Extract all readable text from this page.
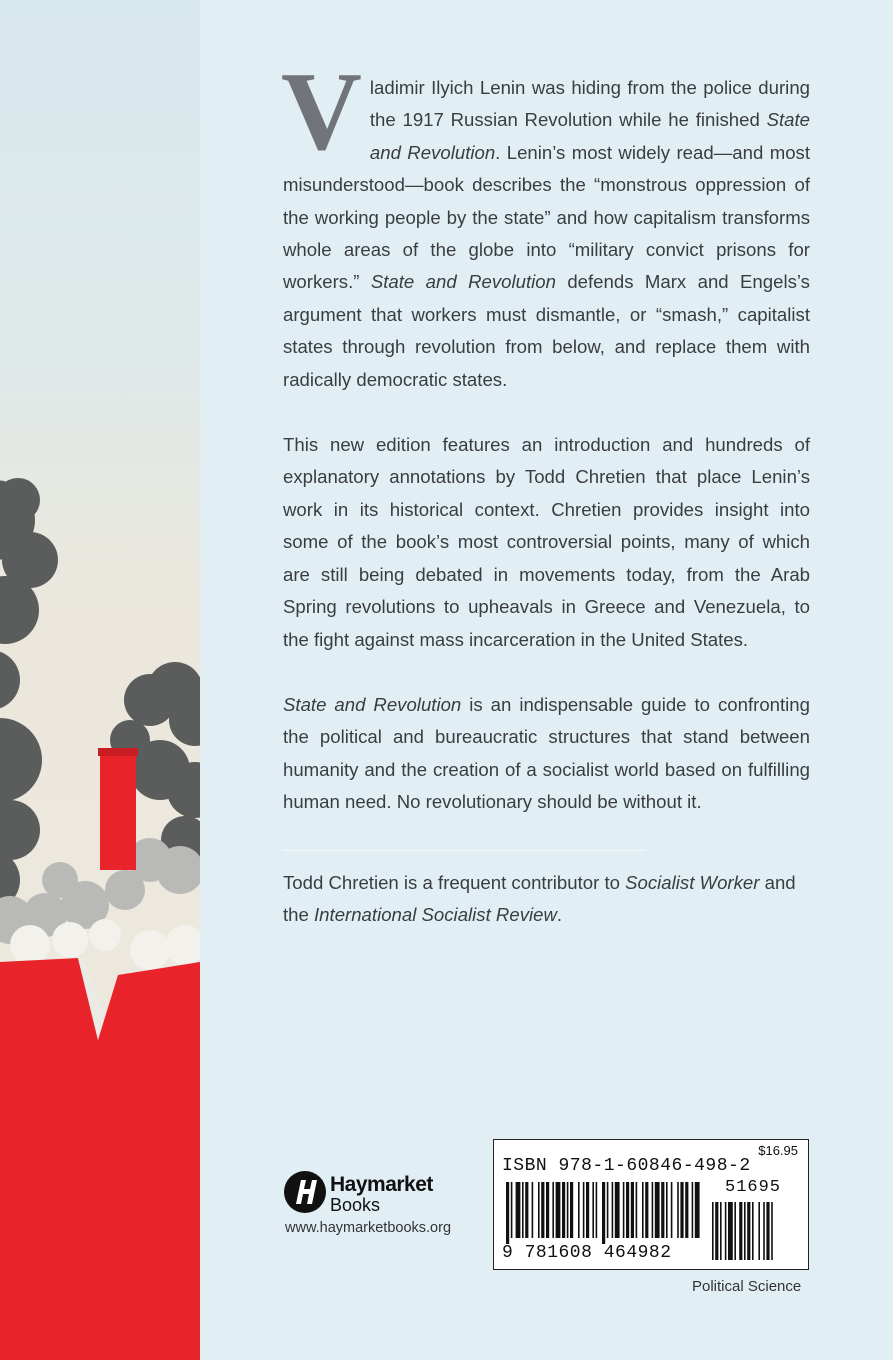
Vladimir Ilyich Lenin was hiding from the police during the 1917 Russian Revolution while he finished State and Revolution. Lenin’s most widely read—and most misunderstood—book describes the “monstrous oppression of the working people by the state” and how capitalism transforms whole areas of the globe into “military convict prisons for workers.” State and Revolution defends Marx and Engels’s argument that workers must dismantle, or “smash,” capitalist states through revolution from below, and replace them with radically democratic states.

This new edition features an introduction and hundreds of explanatory annotations by Todd Chretien that place Lenin’s work in its historical context. Chretien provides insight into some of the book’s most controversial points, many of which are still being debated in movements today, from the Arab Spring revolutions to upheavals in Greece and Venezuela, to the fight against mass incarceration in the United States.

State and Revolution is an indispensable guide to confronting the political and bureaucratic structures that stand between humanity and the creation of a socialist world based on fulfilling human need. No revolutionary should be without it.

Todd Chretien is a frequent contributor to Socialist Worker and the International Socialist Review.
Haymarket
Books
www.haymarketbooks.org
$16.95
ISBN 978-1-60846-498-2
51695
9 781608 464982
Political Science
